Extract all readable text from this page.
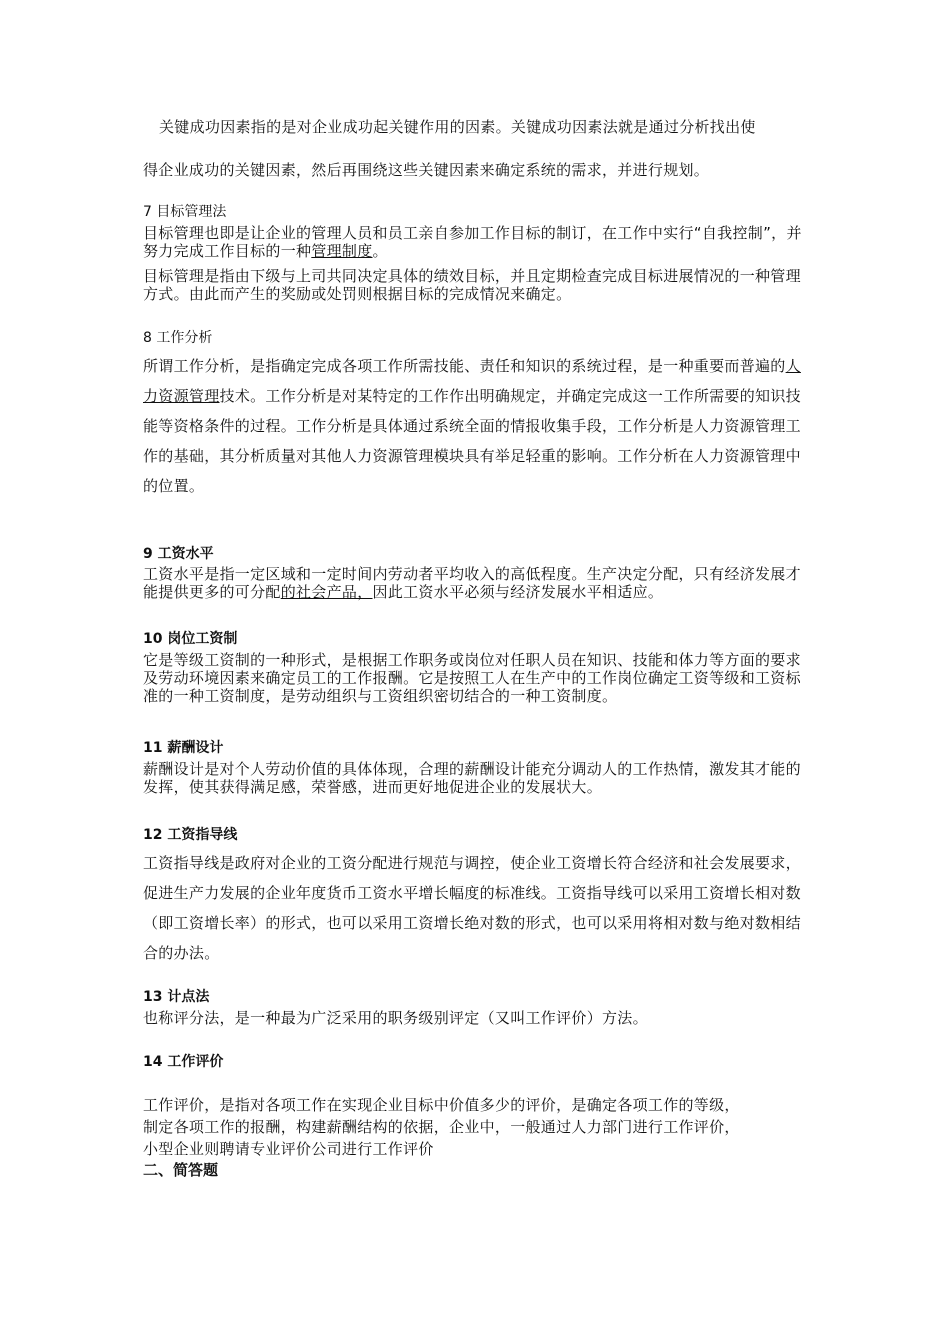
关键成功因素指的是对企业成功起关键作用的因素。关键成功因素法就是通过分析找出使

得企业成功的关键因素，然后再围绕这些关键因素来确定系统的需求，并进行规划。

7 目标管理法

目标管理也即是让企业的管理人员和员工亲自参加工作目标的制订，在工作中实行“自我控制”，并努力完成工作目标的一种管理制度。

目标管理是指由下级与上司共同决定具体的绩效目标，并且定期检查完成目标进展情况的一种管理方式。由此而产生的奖励或处罚则根据目标的完成情况来确定。

8 工作分析

所谓工作分析，是指确定完成各项工作所需技能、责任和知识的系统过程，是一种重要而普遍的人力资源管理技术。工作分析是对某特定的工作作出明确规定，并确定完成这一工作所需要的知识技能等资格条件的过程。工作分析是具体通过系统全面的情报收集手段，工作分析是人力资源管理工作的基础，其分析质量对其他人力资源管理模块具有举足轻重的影响。工作分析在人力资源管理中的位置。

9 工资水平

工资水平是指一定区域和一定时间内劳动者平均收入的高低程度。生产决定分配，只有经济发展才能提供更多的可分配的社会产品，因此工资水平必须与经济发展水平相适应。

10 岗位工资制

它是等级工资制的一种形式，是根据工作职务或岗位对任职人员在知识、技能和体力等方面的要求及劳动环境因素来确定员工的工作报酬。它是按照工人在生产中的工作岗位确定工资等级和工资标准的一种工资制度，是劳动组织与工资组织密切结合的一种工资制度。

11 薪酬设计

薪酬设计是对个人劳动价值的具体体现，合理的薪酬设计能充分调动人的工作热情，激发其才能的发挥，使其获得满足感，荣誉感，进而更好地促进企业的发展状大。

12 工资指导线

工资指导线是政府对企业的工资分配进行规范与调控，使企业工资增长符合经济和社会发展要求，促进生产力发展的企业年度货币工资水平增长幅度的标准线。工资指导线可以采用工资增长相对数（即工资增长率）的形式，也可以采用工资增长绝对数的形式，也可以采用将相对数与绝对数相结合的办法。

13 计点法

也称评分法，是一种最为广泛采用的职务级别评定（又叫工作评价）方法。

14 工作评价

工作评价，是指对各项工作在实现企业目标中价值多少的评价，是确定各项工作的等级，

制定各项工作的报酬，构建薪酬结构的依据，企业中，一般通过人力部门进行工作评价，

小型企业则聘请专业评价公司进行工作评价

二、简答题
